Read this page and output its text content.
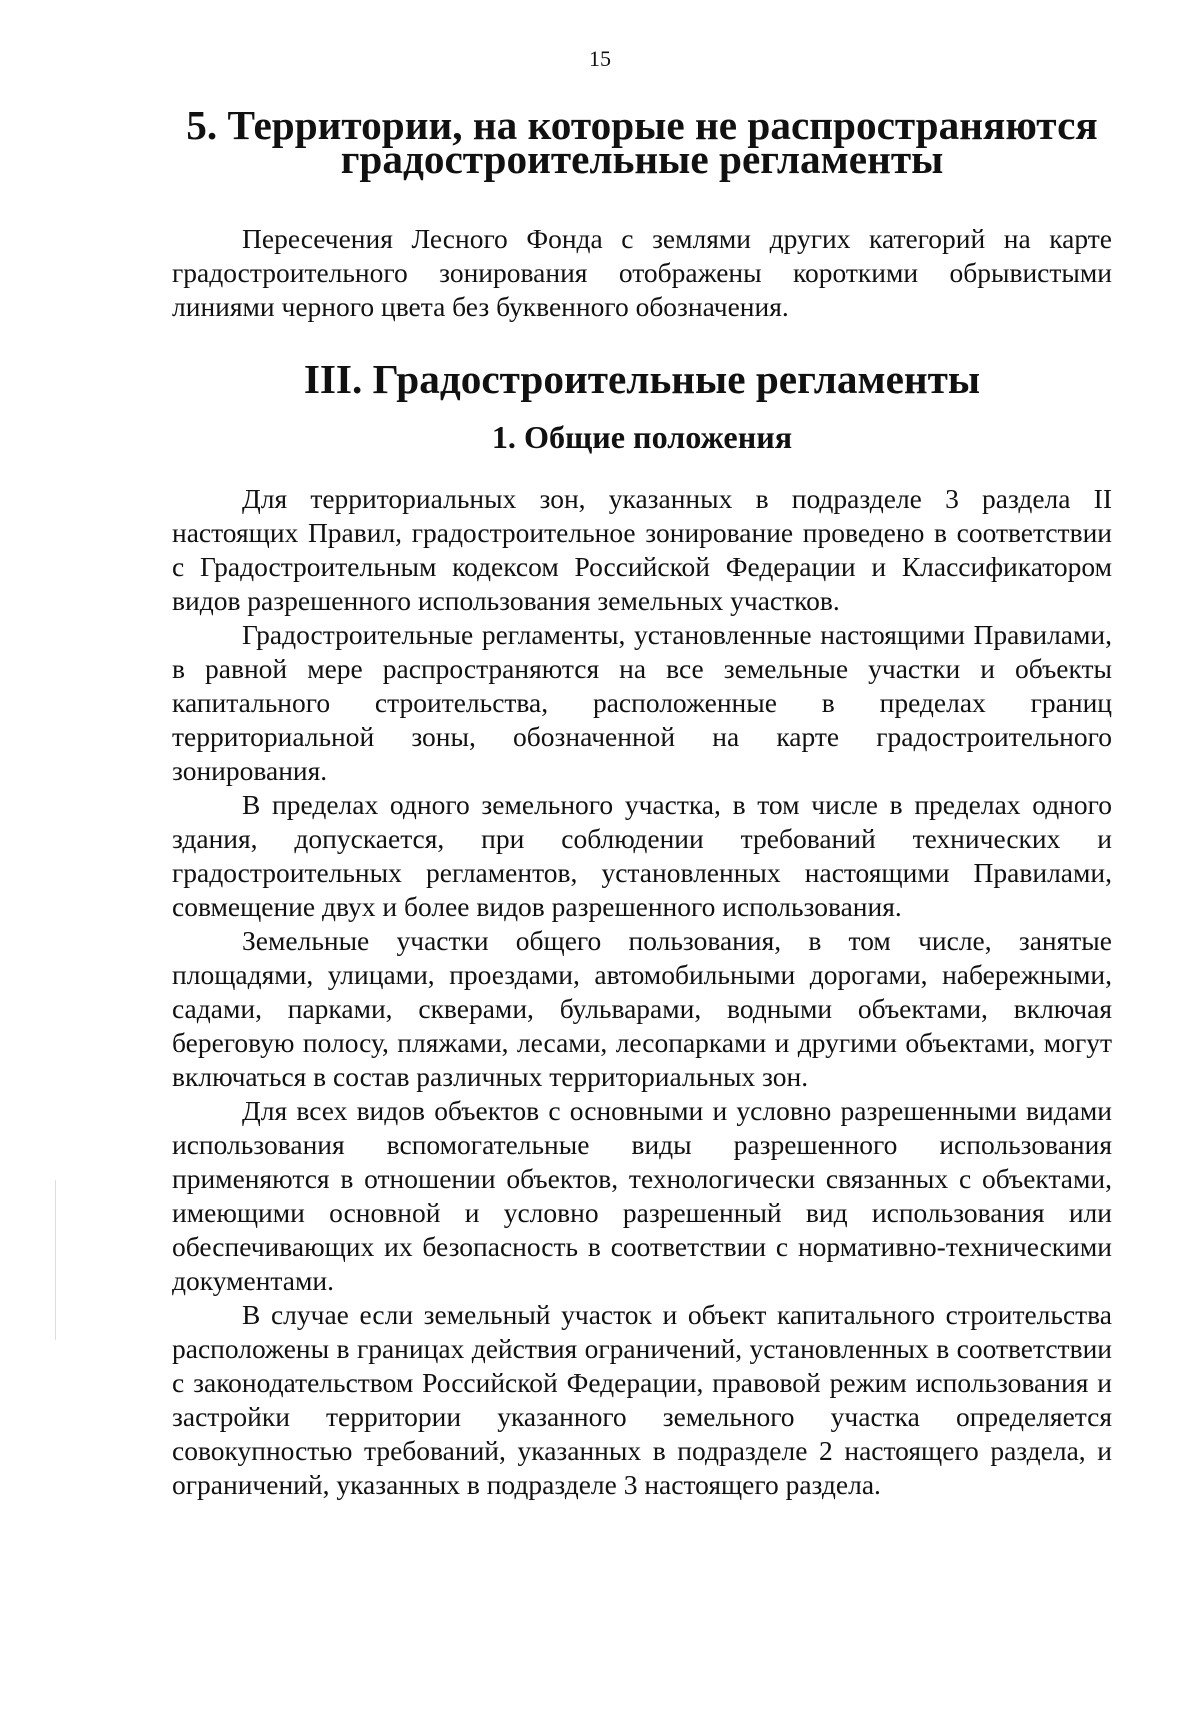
15
5. Территории, на которые не распространяются
градостроительные регламенты

Пересечения Лесного Фонда с землями других категорий на карте градостроительного зонирования отображены короткими обрывистыми линиями черного цвета без буквенного обозначения.

III. Градостроительные регламенты
1. Общие положения

Для территориальных зон, указанных в подразделе 3 раздела II настоящих Правил, градостроительное зонирование проведено в соответствии с Градостроительным кодексом Российской Федерации и Классификатором видов разрешенного использования земельных участков.

Градостроительные регламенты, установленные настоящими Правилами, в равной мере распространяются на все земельные участки и объекты капитального строительства, расположенные в пределах границ территориальной зоны, обозначенной на карте градостроительного зонирования.

В пределах одного земельного участка, в том числе в пределах одного здания, допускается, при соблюдении требований технических и градостроительных регламентов, установленных настоящими Правилами, совмещение двух и более видов разрешенного использования.

Земельные участки общего пользования, в том числе, занятые площадями, улицами, проездами, автомобильными дорогами, набережными, садами, парками, скверами, бульварами, водными объектами, включая береговую полосу, пляжами, лесами, лесопарками и другими объектами, могут включаться в состав различных территориальных зон.

Для всех видов объектов с основными и условно разрешенными видами использования вспомогательные виды разрешенного использования применяются в отношении объектов, технологически связанных с объектами, имеющими основной и условно разрешенный вид использования или обеспечивающих их безопасность в соответствии с нормативно-техническими документами.

В случае если земельный участок и объект капитального строительства расположены в границах действия ограничений, установленных в соответствии с законодательством Российской Федерации, правовой режим использования и застройки территории указанного земельного участка определяется совокупностью требований, указанных в подразделе 2 настоящего раздела, и ограничений, указанных в подразделе 3 настоящего раздела.
